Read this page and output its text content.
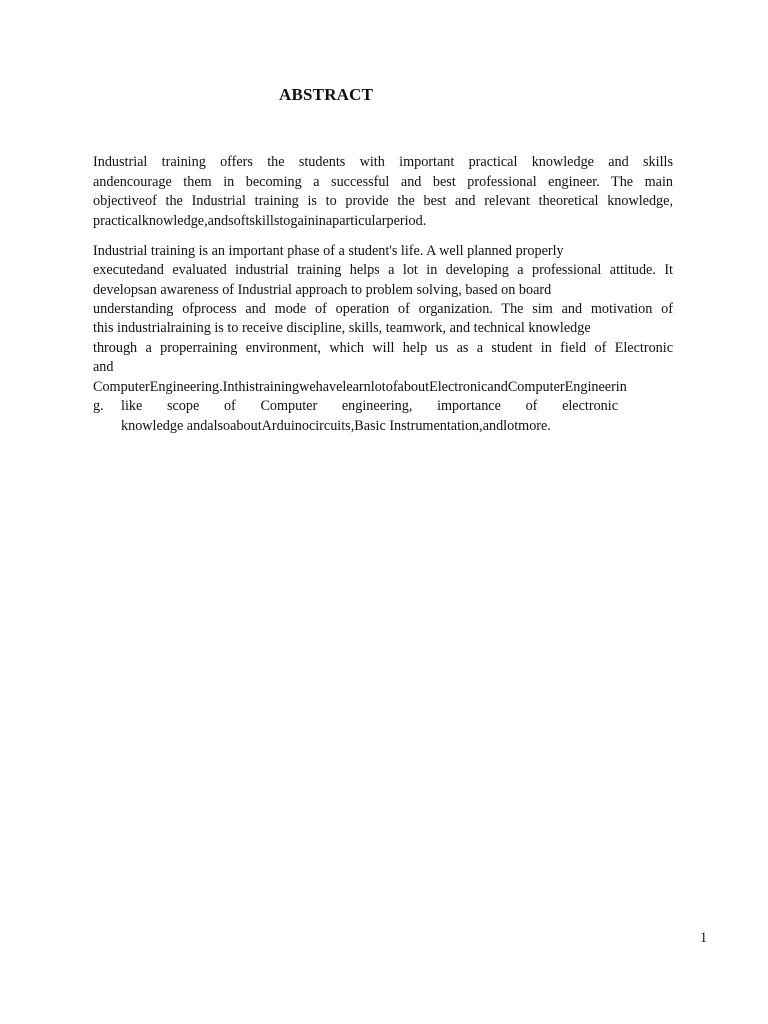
ABSTRACT

Industrial training offers the students with important practical knowledge and skills

andencourage them in becoming a successful and best professional engineer. The main

objectiveof the Industrial training is to provide the best and relevant theoretical knowledge,

practicalknowledge,andsoftskillstogaininaparticularperiod.

Industrial training is an important phase of a student's life. A well planned properly

executedand evaluated industrial training helps a lot in developing a professional attitude. It

developsan awareness of Industrial approach to problem solving, based on board

understanding ofprocess and mode of operation of organization. The sim and motivation of

this industrialraining is to receive discipline, skills, teamwork, and technical knowledge

through a properraining environment, which will help us as a student in field of Electronic

and

ComputerEngineering.InthistrainingwehavelearnlotofaboutElectronicandComputerEngineerin

g.	like scope of Computer engineering, importance of electronic

knowledge andalsoaboutArduinocircuits,Basic Instrumentation,andlotmore.

1
